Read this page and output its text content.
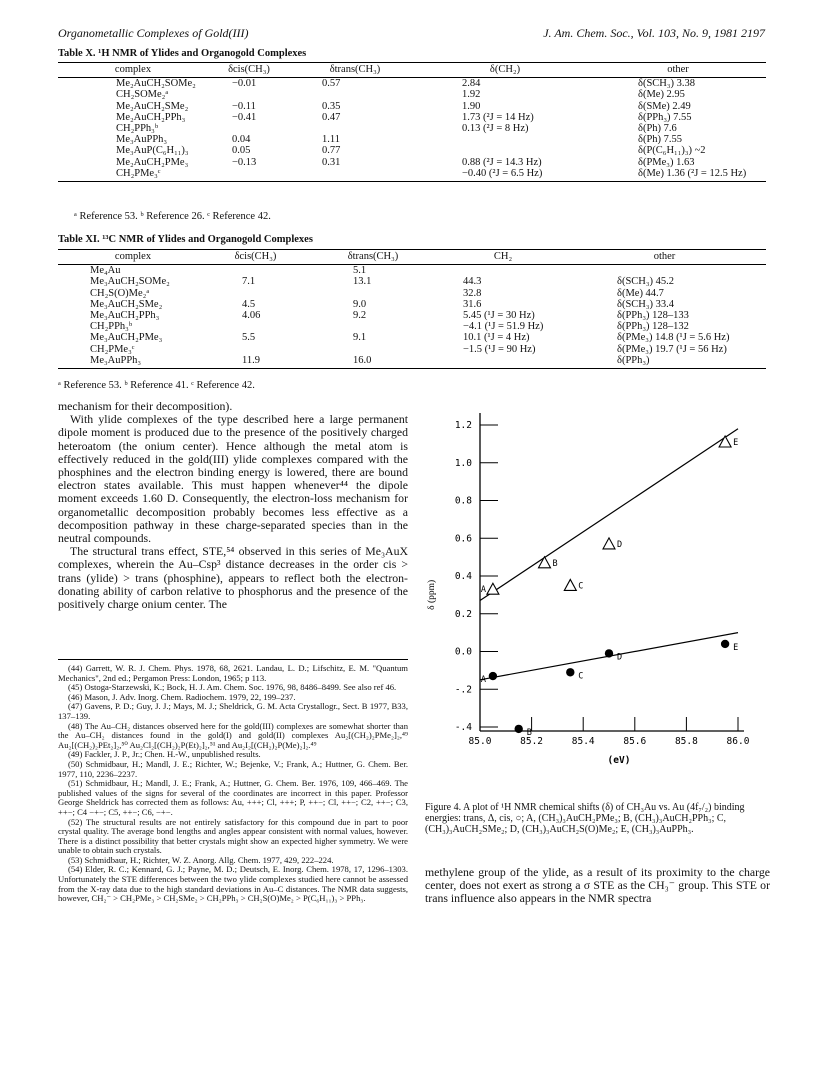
Organometallic Complexes of Gold(III)	J. Am. Chem. Soc., Vol. 103, No. 9, 1981 2197
Table X. ¹H NMR of Ylides and Organogold Complexes
complex	δcis(CH₃)	δtrans(CH₃)	δ(CH₂)	other
Me₂AuCH₂SOMe₂	−0.01	0.57	2.84	δ(SCH₃) 3.38
CH₂SOMe₂ᵃ			1.92	δ(Me) 2.95
Me₂AuCH₂SMe₂	−0.11	0.35	1.90	δ(SMe) 2.49
Me₂AuCH₂PPh₃	−0.41	0.47	1.73 (²J = 14 Hz)	δ(PPh₃) 7.55
CH₂PPh₃ᵇ			0.13 (²J = 8 Hz)	δ(Ph) 7.6
Me₃AuPPh₃	0.04	1.11		δ(Ph) 7.55
Me₃AuP(C₆H₁₁)₃	0.05	0.77		δ(P(C₆H₁₁)₃) ~2
Me₂AuCH₂PMe₃	−0.13	0.31	0.88 (²J = 14.3 Hz)	δ(PMe₃) 1.63
CH₂PMe₃ᶜ			−0.40 (²J = 6.5 Hz)	δ(Me) 1.36 (²J = 12.5 Hz)
ᵃ Reference 53. ᵇ Reference 26. ᶜ Reference 42.
Table XI. ¹³C NMR of Ylides and Organogold Complexes
complex	δcis(CH₃)	δtrans(CH₃)	CH₂	other
Me₄Au		5.1		
Me₃AuCH₂SOMe₂	7.1	13.1	44.3	δ(SCH₃) 45.2
CH₂S(O)Me₂ᵃ			32.8	δ(Me) 44.7
Me₃AuCH₂SMe₂	4.5	9.0	31.6	δ(SCH₃) 33.4
Me₃AuCH₂PPh₃	4.06	9.2	5.45 (¹J = 30 Hz)	δ(PPh₃) 128–133
CH₂PPh₃ᵇ			−4.1 (¹J = 51.9 Hz)	δ(PPh₃) 128–132
Me₃AuCH₂PMe₃	5.5	9.1	10.1 (¹J = 4 Hz)	δ(PMe₃) 14.8 (¹J = 5.6 Hz)
CH₂PMe₃ᶜ			−1.5 (¹J = 90 Hz)	δ(PMe₃) 19.7 (¹J = 56 Hz)
Me₃AuPPh₃	11.9	16.0		δ(PPh₃)
ᵃ Reference 53. ᵇ Reference 41. ᶜ Reference 42.

mechanism for their decomposition).

With ylide complexes of the type described here a large permanent dipole moment is produced due to the presence of the positively charged heteroatom (the onium center). Hence although the metal atom is effectively reduced in the gold(III) ylide complexes compared with the phosphines and the electron binding energy is lowered, there are bound electron states available. This must happen whenever⁴⁴ the dipole moment exceeds 1.60 D. Consequently, the electron-loss mechanism for organometallic decomposition probably becomes less effective as a decomposition pathway in these charge-separated species than in the neutral compounds.

The structural trans effect, STE,⁵⁴ observed in this series of Me₃AuX complexes, wherein the Au–Csp³ distance decreases in the order cis > trans (ylide) > trans (phosphine), appears to reflect both the electron-donating ability of carbon relative to phosphorus and the presence of the positively charge onium center. The

(44) Garrett, W. R. J. Chem. Phys. 1978, 68, 2621. Landau, L. D.; Lifschitz, E. M. "Quantum Mechanics", 2nd ed.; Pergamon Press: London, 1965; p 113.

(45) Ostoga-Starzewski, K.; Bock, H. J. Am. Chem. Soc. 1976, 98, 8486–8499. See also ref 46.

(46) Mason, J. Adv. Inorg. Chem. Radiochem. 1979, 22, 199–237.

(47) Gavens, P. D.; Guy, J. J.; Mays, M. J.; Sheldrick, G. M. Acta Crystallogr., Sect. B 1977, B33, 137–139.

(48) The Au–CH₂ distances observed here for the gold(III) complexes are somewhat shorter than the Au–CH₂ distances found in the gold(I) and gold(II) complexes Au₂[(CH₂)₂PMe₂]₂,⁴⁹ Au₂[(CH₂)₂PEt₂]₂,⁵⁰ Au₂Cl₂[(CH₂)₂P(Et)₂]₂,⁵¹ and Au₂I₂[(CH₂)₂P(Me)₂]₂.⁴⁹

(49) Fackler, J. P., Jr.; Chen. H.-W., unpublished results.

(50) Schmidbaur, H.; Mandl, J. E.; Richter, W.; Bejenke, V.; Frank, A.; Huttner, G. Chem. Ber. 1977, 110, 2236–2237.

(51) Schmidbaur, H.; Mandl, J. E.; Frank, A.; Huttner, G. Chem. Ber. 1976, 109, 466–469. The published values of the signs for several of the coordinates are incorrect in this paper. Professor George Sheldrick has corrected them as follows: Au, +++; Cl, +++; P, ++−; Cl, ++−; C2, ++−; C3, ++−; C4 −+−; C5, ++−; C6, −+−.

(52) The structural results are not entirely satisfactory for this compound due in part to poor crystal quality. The average bond lengths and angles appear consistent with normal values, however. There is a distinct possibility that better crystals might show an expected higher symmetry. We were unable to obtain such crystals.

(53) Schmidbaur, H.; Richter, W. Z. Anorg. Allg. Chem. 1977, 429, 222–224.

(54) Elder, R. C.; Kennard, G. J.; Payne, M. D.; Deutsch, E. Inorg. Chem. 1978, 17, 1296–1303. Unfortunately the STE differences between the two ylide complexes studied here cannot be assessed from the X-ray data due to the high standard deviations in Au–C distances. The NMR data suggests, however, CH₂⁻ > CH₂PMe₃ > CH₂SMe₂ > CH₂PPh₃ > CH₂S(O)Me₂ > P(C₆H₁₁)₃ > PPh₃.

1.2
1.0
0.8
0.6
0.4
0.2
0.0
-.2
-.4
85.0	85.2	85.4	85.6	85.8	86.0
(eV)
δ (ppm)	A
B
C
D
E
A
B
C
D
E
Figure 4. A plot of ¹H NMR chemical shifts (δ) of CH₃Au vs. Au (4f₇/₂) binding energies: trans, Δ, cis, ○; A, (CH₃)₃AuCH₂PMe₃; B, (CH₃)₃AuCH₂PPh₃; C, (CH₃)₃AuCH₂SMe₂; D, (CH₃)₃AuCH₂S(O)Me₂; E, (CH₃)₃AuPPh₃.
methylene group of the ylide, as a result of its proximity to the charge center, does not exert as strong a σ STE as the CH₃⁻ group. This STE or trans influence also appears in the NMR spectra
